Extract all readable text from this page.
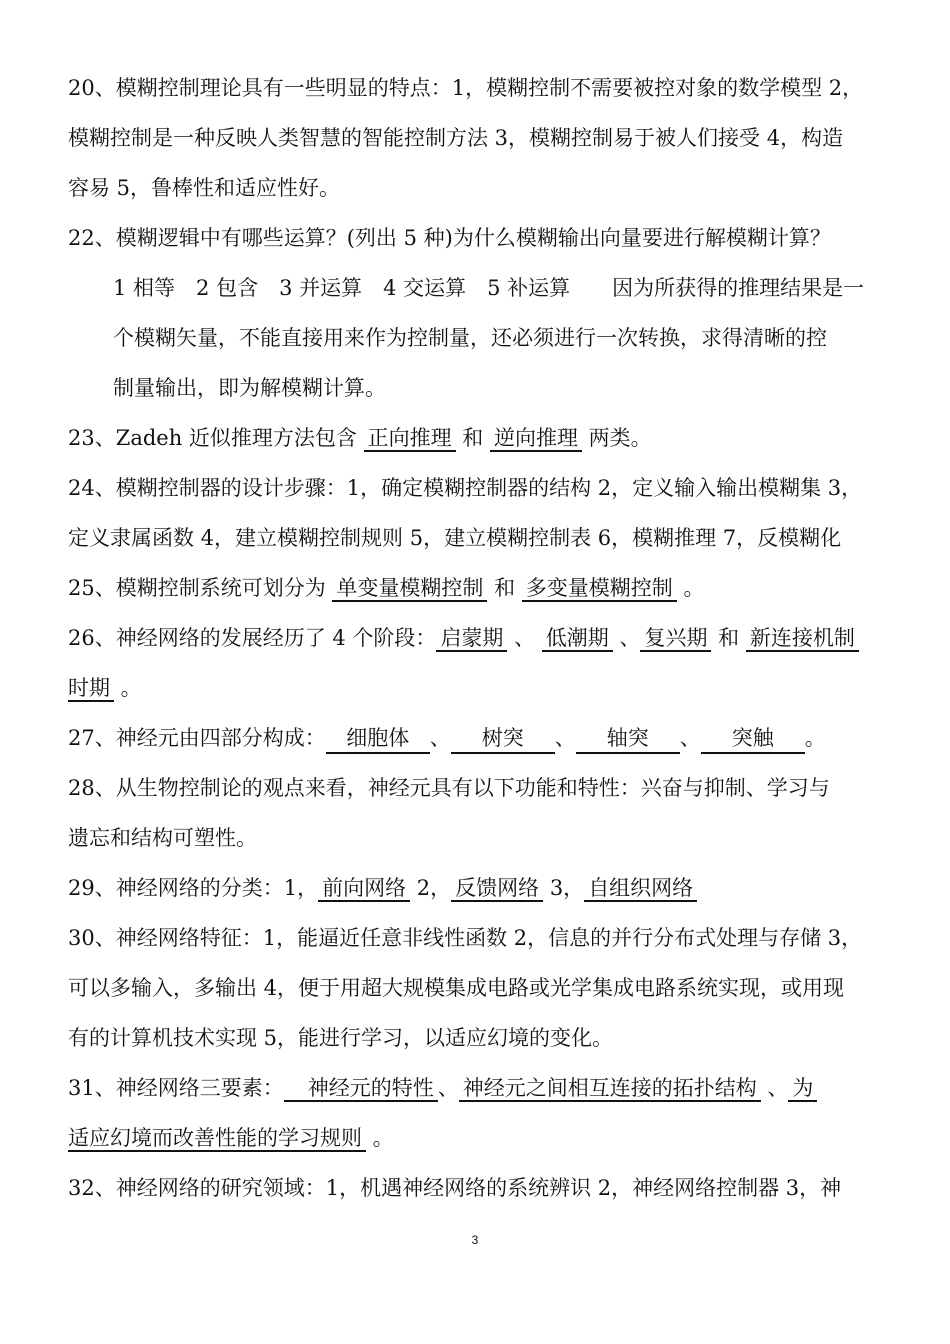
20、模糊控制理论具有一些明显的特点：1，模糊控制不需要被控对象的数学模型 2，
模糊控制是一种反映人类智慧的智能控制方法 3，模糊控制易于被人们接受 4，构造
容易 5，鲁棒性和适应性好。
22、模糊逻辑中有哪些运算？(列出 5 种)为什么模糊输出向量要进行解模糊计算？
1 相等　2 包含　3 并运算　4 交运算　5 补运算　　因为所获得的推理结果是一
个模糊矢量，不能直接用来作为控制量，还必须进行一次转换，求得清晰的控
制量输出，即为解模糊计算。
23、Zadeh 近似推理方法包含 正向推理 和 逆向推理 两类。
24、模糊控制器的设计步骤：1，确定模糊控制器的结构 2，定义输入输出模糊集 3，
定义隶属函数 4，建立模糊控制规则 5，建立模糊控制表 6，模糊推理 7，反模糊化
25、模糊控制系统可划分为 单变量模糊控制 和 多变量模糊控制 。
26、神经网络的发展经历了 4 个阶段： 启蒙期 、 低潮期 、 复兴期 和 新连接机制
时期 。
27、神经元由四部分构成： 细胞体 、 树突 、 轴突 、 突触 。
28、从生物控制论的观点来看，神经元具有以下功能和特性：兴奋与抑制、学习与
遗忘和结构可塑性。
29、神经网络的分类：1， 前向网络 2， 反馈网络 3， 自组织网络
30、神经网络特征：1，能逼近任意非线性函数 2，信息的并行分布式处理与存储 3，
可以多输入，多输出 4，便于用超大规模集成电路或光学集成电路系统实现，或用现
有的计算机技术实现 5，能进行学习，以适应幻境的变化。
31、神经网络三要素： 神经元的特性 、 神经元之间相互连接的拓扑结构 、 为
适应幻境而改善性能的学习规则 。
32、神经网络的研究领域：1，机遇神经网络的系统辨识 2，神经网络控制器 3，神
3
